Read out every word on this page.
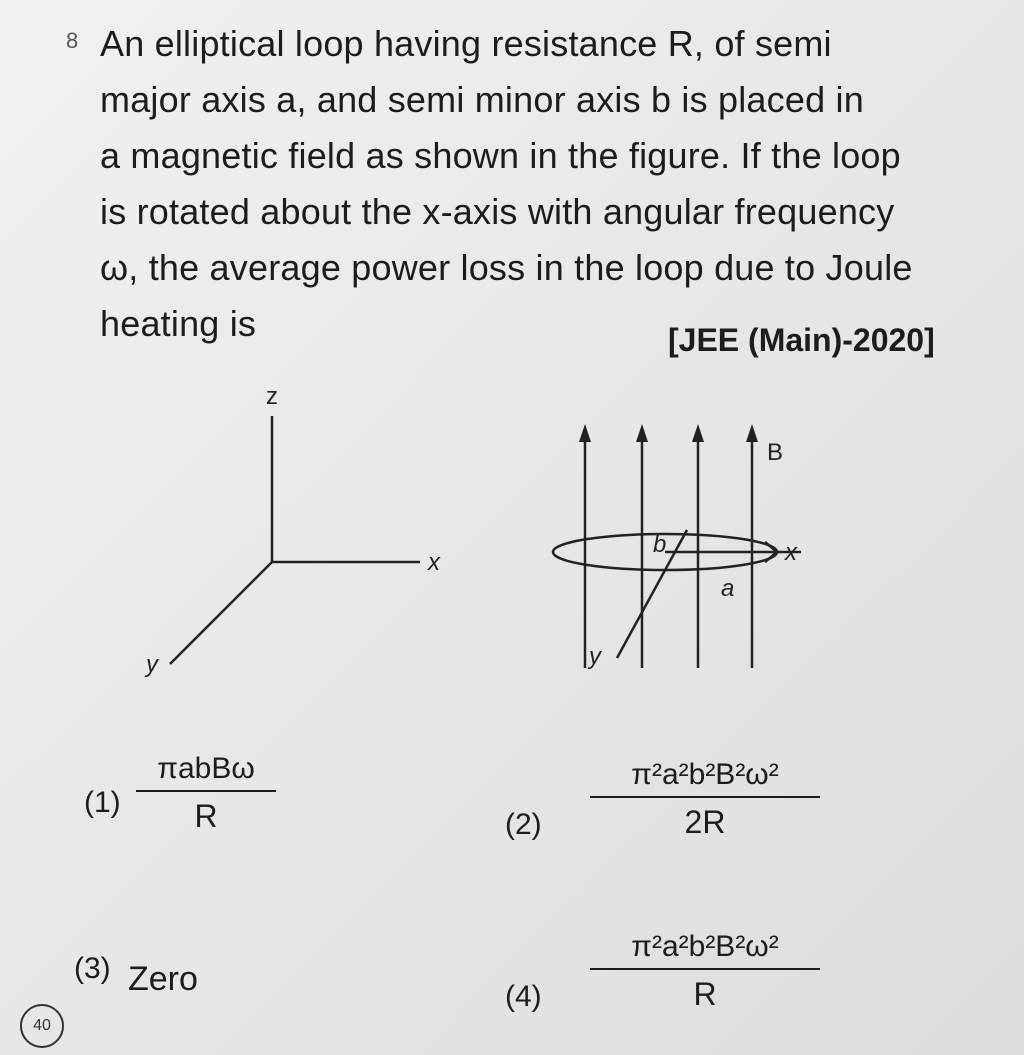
8 An elliptical loop having resistance R, of semi
major axis a, and semi minor axis b is placed in
a magnetic field as shown in the figure. If the loop
is rotated about the x-axis with angular frequency
ω, the average power loss in the loop due to Joule
heating is	[JEE (Main)-2020]
z
x
y
B
b
a
x
y
(1)
πabBω
R	$(2) \frac{\text{π²a²b²B²ω²}}{2R}$
(3) Zero	$(4) \frac{\text{π²a²b²B²ω²}}{R}$
40
